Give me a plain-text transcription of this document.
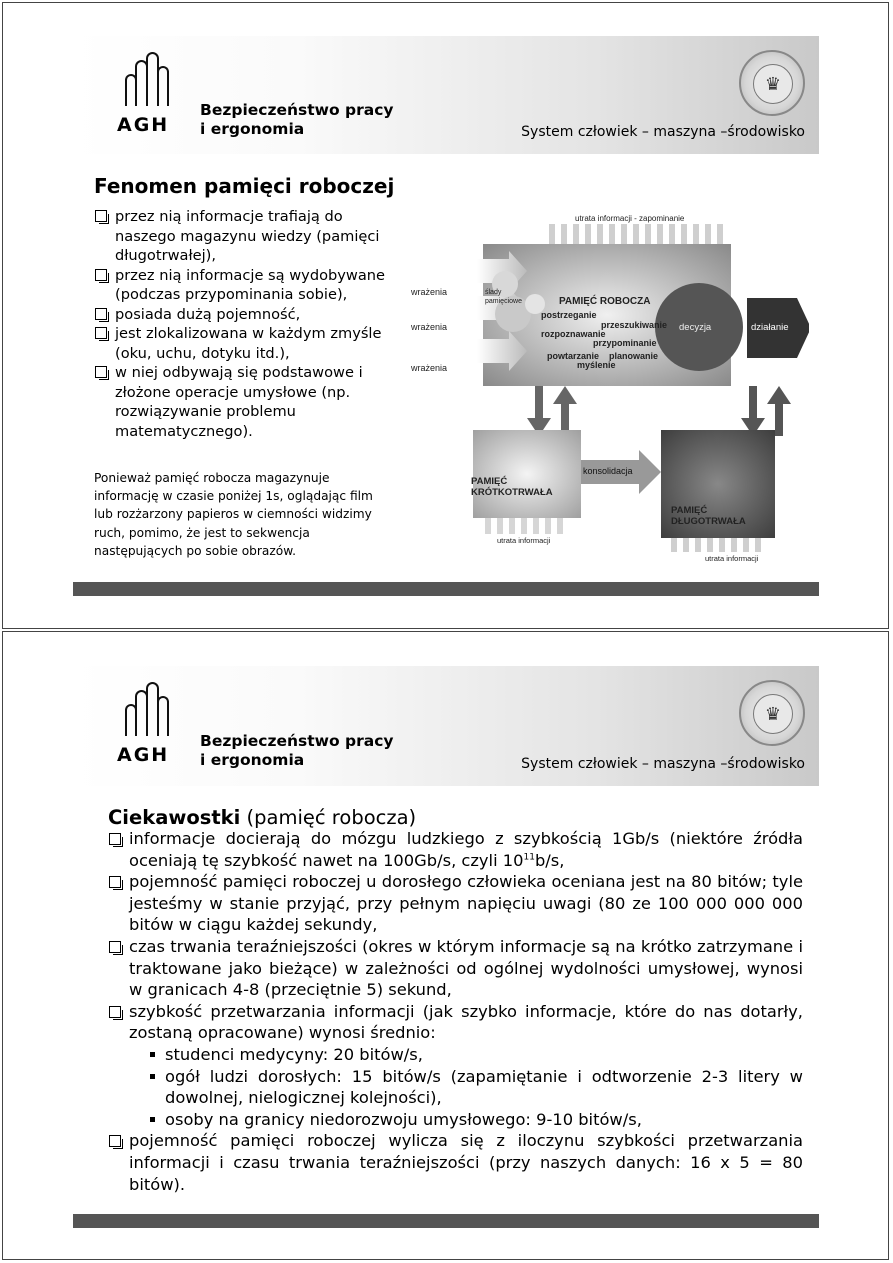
AGH
Bezpieczeństwo pracy
i ergonomia	System człowiek – maszyna –środowisko
♛
Fenomen pamięci roboczej
przez nią informacje trafiają do naszego magazynu wiedzy (pamięci długotrwałej),
przez nią informacje są wydobywane (podczas przypominania sobie),
posiada dużą pojemność,
jest zlokalizowana w każdym zmyśle (oku, uchu, dotyku itd.),
w niej odbywają się podstawowe i złożone operacje umysłowe (np. rozwiązywanie problemu matematycznego).
Ponieważ pamięć robocza magazynuje informację w czasie poniżej 1s, oglądając film lub rozżarzony papieros w ciemności widzimy ruch, pomimo, że jest to sekwencja następujących po sobie obrazów.
utrata informacji - zapominanie
wrażenia
wrażenia
wrażenia
ślady pamięciowe	PAMIĘĆ ROBOCZA
postrzeganie
przeszukiwanie
rozpoznawanie
przypominanie
powtarzanie planowanie
myślenie
decyzja	działanie
PAMIĘĆ KRÓTKOTRWAŁA
konsolidacja
PAMIĘĆ DŁUGOTRWAŁA
utrata informacji
utrata informacji
AGH
Bezpieczeństwo pracy
i ergonomia	System człowiek – maszyna –środowisko
♛
Ciekawostki (pamięć robocza)
informacje docierają do mózgu ludzkiego z szybkością 1Gb/s (niektóre źródła oceniają tę szybkość nawet na 100Gb/s, czyli $10^{11}b/s$,
pojemność pamięci roboczej u dorosłego człowieka oceniana jest na 80 bitów; tyle jesteśmy w stanie przyjąć, przy pełnym napięciu uwagi (80 ze 100 000 000 000 bitów w ciągu każdej sekundy,
czas trwania teraźniejszości (okres w którym informacje są na krótko zatrzymane i traktowane jako bieżące) w zależności od ogólnej wydolności umysłowej, wynosi w granicach 4-8 (przeciętnie 5) sekund,
szybkość przetwarzania informacji (jak szybko informacje, które do nas dotarły, zostaną opracowane) wynosi średnio:
studenci medycyny: 20 bitów/s,
ogół ludzi dorosłych: 15 bitów/s (zapamiętanie i odtworzenie 2-3 litery w dowolnej, nielogicznej kolejności),
osoby na granicy niedorozwoju umysłowego: 9-10 bitów/s,
pojemność pamięci roboczej wylicza się z iloczynu szybkości przetwarzania informacji i czasu trwania teraźniejszości (przy naszych danych: 16 x 5 = 80 bitów).
